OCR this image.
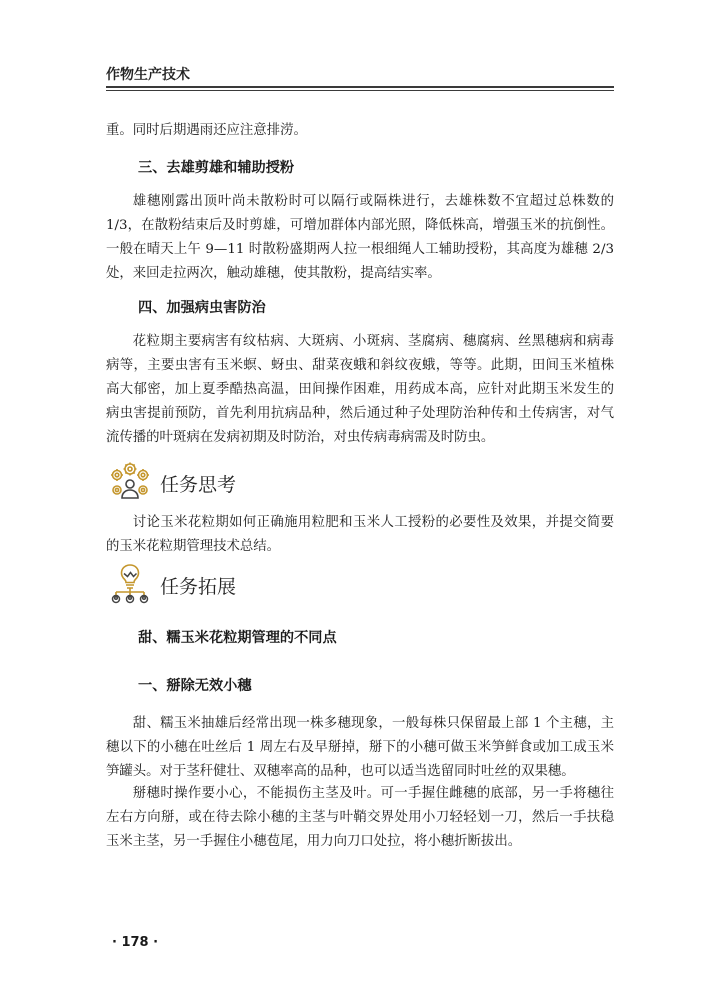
作物生产技术

重。同时后期遇雨还应注意排涝。

三、去雄剪雄和辅助授粉

雄穗刚露出顶叶尚未散粉时可以隔行或隔株进行，去雄株数不宜超过总株数的1/3，在散粉结束后及时剪雄，可增加群体内部光照，降低株高，增强玉米的抗倒性。一般在晴天上午 9—11 时散粉盛期两人拉一根细绳人工辅助授粉，其高度为雄穗 2/3 处，来回走拉两次，触动雄穗，使其散粉，提高结实率。

四、加强病虫害防治

花粒期主要病害有纹枯病、大斑病、小斑病、茎腐病、穗腐病、丝黑穗病和病毒病等，主要虫害有玉米螟、蚜虫、甜菜夜蛾和斜纹夜蛾，等等。此期，田间玉米植株高大郁密，加上夏季酷热高温，田间操作困难，用药成本高，应针对此期玉米发生的病虫害提前预防，首先利用抗病品种，然后通过种子处理防治种传和土传病害，对气流传播的叶斑病在发病初期及时防治，对虫传病毒病需及时防虫。

任务思考

讨论玉米花粒期如何正确施用粒肥和玉米人工授粉的必要性及效果，并提交简要的玉米花粒期管理技术总结。

任务拓展
甜、糯玉米花粒期管理的不同点
一、掰除无效小穗

甜、糯玉米抽雄后经常出现一株多穗现象，一般每株只保留最上部 1 个主穗，主穗以下的小穗在吐丝后 1 周左右及早掰掉，掰下的小穗可做玉米笋鲜食或加工成玉米笋罐头。对于茎秆健壮、双穗率高的品种，也可以适当选留同时吐丝的双果穗。

掰穗时操作要小心，不能损伤主茎及叶。可一手握住雌穗的底部，另一手将穗往左右方向掰，或在待去除小穗的主茎与叶鞘交界处用小刀轻轻划一刀，然后一手扶稳玉米主茎，另一手握住小穗苞尾，用力向刀口处拉，将小穗折断拔出。

· 178 ·
